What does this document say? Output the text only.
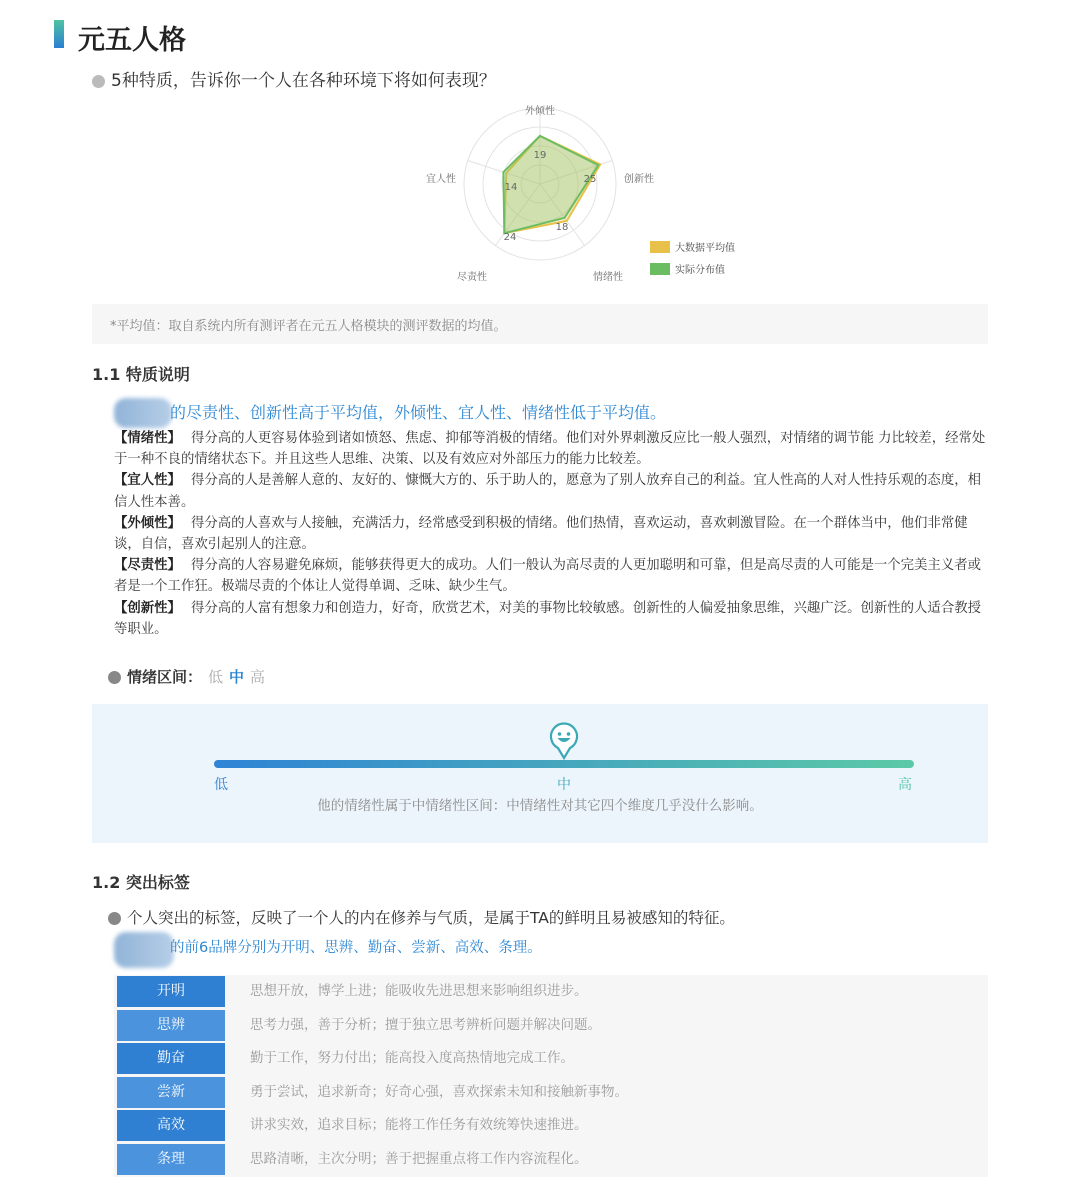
元五人格
5种特质，告诉你一个人在各种环境下将如何表现？
外倾性
创新性
情绪性
尽责性
宜人性
19
25
18
24
14
大数据平均值
实际分布值
*平均值：取自系统内所有测评者在元五人格模块的测评数据的均值。
1.1 特质说明
的尽责性、创新性高于平均值，外倾性、宜人性、情绪性低于平均值。
【情绪性】 得分高的人更容易体验到诸如愤怒、焦虑、抑郁等消极的情绪。他们对外界刺激反应比一般人强烈，对情绪的调节能 力比较差，经常处于一种不良的情绪状态下。并且这些人思维、决策、以及有效应对外部压力的能力比较差。
【宜人性】 得分高的人是善解人意的、友好的、慷慨大方的、乐于助人的，愿意为了别人放弃自己的利益。宜人性高的人对人性持乐观的态度，相信人性本善。
【外倾性】 得分高的人喜欢与人接触，充满活力，经常感受到积极的情绪。他们热情，喜欢运动，喜欢刺激冒险。在一个群体当中，他们非常健谈，自信，喜欢引起别人的注意。
【尽责性】 得分高的人容易避免麻烦，能够获得更大的成功。人们一般认为高尽责的人更加聪明和可靠，但是高尽责的人可能是一个完美主义者或者是一个工作狂。极端尽责的个体让人觉得单调、乏味、缺少生气。
【创新性】 得分高的人富有想象力和创造力，好奇，欣赏艺术，对美的事物比较敏感。创新性的人偏爱抽象思维，兴趣广泛。创新性的人适合教授等职业。
情绪区间： 低 中 高
低	中	高
他的情绪性属于中情绪性区间：中情绪性对其它四个维度几乎没什么影响。
1.2 突出标签
个人突出的标签，反映了一个人的内在修养与气质，是属于TA的鲜明且易被感知的特征。
的前6品牌分别为开明、思辨、勤奋、尝新、高效、条理。
开明	思想开放，博学上进；能吸收先进思想来影响组织进步。
思辨	思考力强，善于分析；擅于独立思考辨析问题并解决问题。
勤奋	勤于工作，努力付出；能高投入度高热情地完成工作。
尝新	勇于尝试，追求新奇；好奇心强，喜欢探索未知和接触新事物。
高效	讲求实效，追求目标；能将工作任务有效统筹快速推进。
条理	思路清晰，主次分明；善于把握重点将工作内容流程化。
